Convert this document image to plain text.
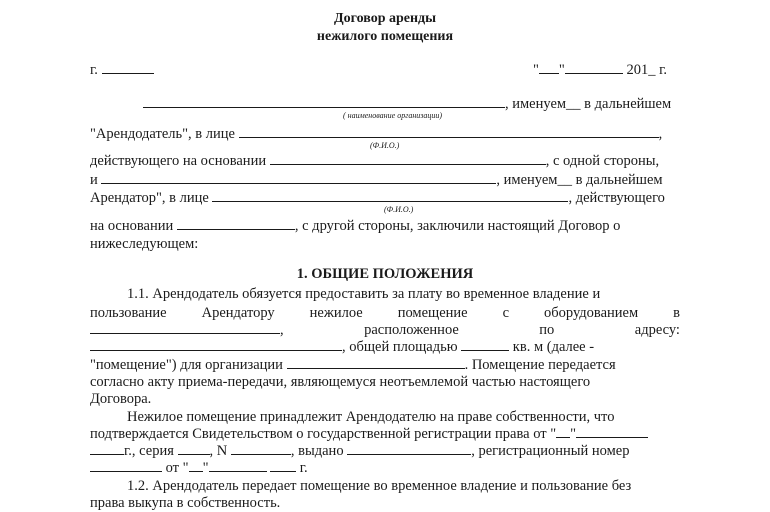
Договор аренды
нежилого помещения
г.	" "	201_ г.
, именуем__ в дальнейшем
( наименование организации)
"Арендодатель", в лице	,
(Ф.И.О.)
действующего на основании	, с одной стороны,
и	, именуем__ в дальнейшем
Арендатор", в лице	, действующего
(Ф.И.О.)
на основании	, с другой стороны, заключили настоящий Договор о
нижеследующем:
1. ОБЩИЕ ПОЛОЖЕНИЯ
1.1. Арендодатель обязуется предоставить за плату во временное владение и
пользование Арендатору нежилое помещение с оборудованием в
,	расположенное	по	адресу:
, общей площадью	кв. м (далее -
"помещение") для организации	. Помещение передается
согласно акту приема-передачи, являющемуся неотъемлемой частью настоящего
Договора.
Нежилое помещение принадлежит Арендодателю на праве собственности, что
подтверждается Свидетельством о государственной регистрации права от " "
г., серия , N	, выдано	, регистрационный номер
от " "	г.
1.2. Арендодатель передает помещение во временное владение и пользование без
права выкупа в собственность.
